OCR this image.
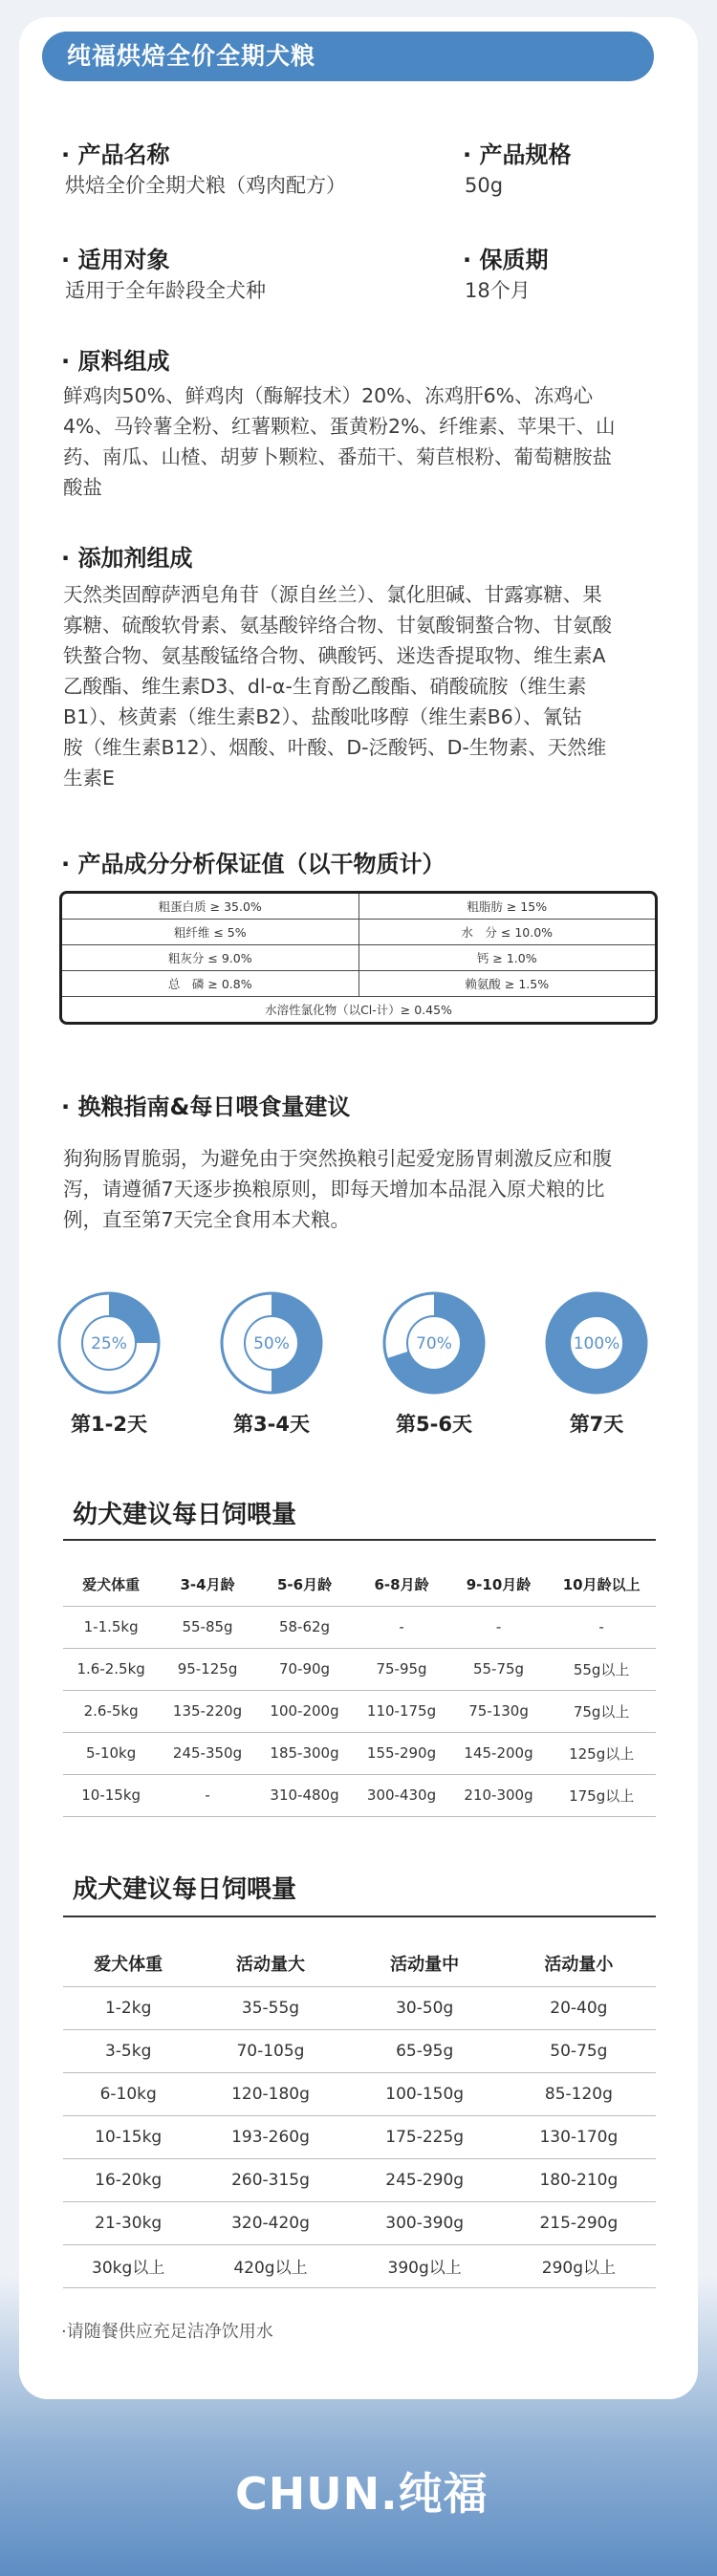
纯福烘焙全价全期犬粮
· 产品名称
烘焙全价全期犬粮（鸡肉配方）
· 产品规格
50g
· 适用对象
适用于全年龄段全犬种
· 保质期
18个月
· 原料组成
鲜鸡肉50%、鲜鸡肉（酶解技术）20%、冻鸡肝6%、冻鸡心
4%、马铃薯全粉、红薯颗粒、蛋黄粉2%、纤维素、苹果干、山
药、南瓜、山楂、胡萝卜颗粒、番茄干、菊苣根粉、葡萄糖胺盐
酸盐
· 添加剂组成
天然类固醇萨洒皂角苷（源自丝兰）、氯化胆碱、甘露寡糖、果
寡糖、硫酸软骨素、氨基酸锌络合物、甘氨酸铜螯合物、甘氨酸
铁螯合物、氨基酸锰络合物、碘酸钙、迷迭香提取物、维生素A
乙酸酯、维生素D3、dl-α-生育酚乙酸酯、硝酸硫胺（维生素
B1）、核黄素（维生素B2）、盐酸吡哆醇（维生素B6）、氰钴
胺（维生素B12）、烟酸、叶酸、D-泛酸钙、D-生物素、天然维
生素E
· 产品成分分析保证值（以干物质计）
粗蛋白质 ≥ 35.0%	粗脂肪 ≥ 15%
粗纤维 ≤ 5%	水　分 ≤ 10.0%
粗灰分 ≤ 9.0%	钙 ≥ 1.0%
总　磷 ≥ 0.8%	赖氨酸 ≥ 1.5%
水溶性氯化物（以Cl-计）≥ 0.45%	
· 换粮指南&每日喂食量建议
狗狗肠胃脆弱，为避免由于突然换粮引起爱宠肠胃刺激反应和腹
泻，请遵循7天逐步换粮原则，即每天增加本品混入原犬粮的比
例，直至第7天完全食用本犬粮。
25%
第1-2天
50%
第3-4天
70%
第5-6天
100%
第7天
幼犬建议每日饲喂量
爱犬体重	3-4月龄	5-6月龄	6-8月龄	9-10月龄	10月龄以上
1-1.5kg	55-85g	58-62g	-	-	-
1.6-2.5kg	95-125g	70-90g	75-95g	55-75g	55g以上
2.6-5kg	135-220g	100-200g	110-175g	75-130g	75g以上
5-10kg	245-350g	185-300g	155-290g	145-200g	125g以上
10-15kg	-	310-480g	300-430g	210-300g	175g以上
成犬建议每日饲喂量
爱犬体重	活动量大	活动量中	活动量小
1-2kg	35-55g	30-50g	20-40g
3-5kg	70-105g	65-95g	50-75g
6-10kg	120-180g	100-150g	85-120g
10-15kg	193-260g	175-225g	130-170g
16-20kg	260-315g	245-290g	180-210g
21-30kg	320-420g	300-390g	215-290g
30kg以上	420g以上	390g以上	290g以上
·请随餐供应充足洁净饮用水
CHUN.纯福
